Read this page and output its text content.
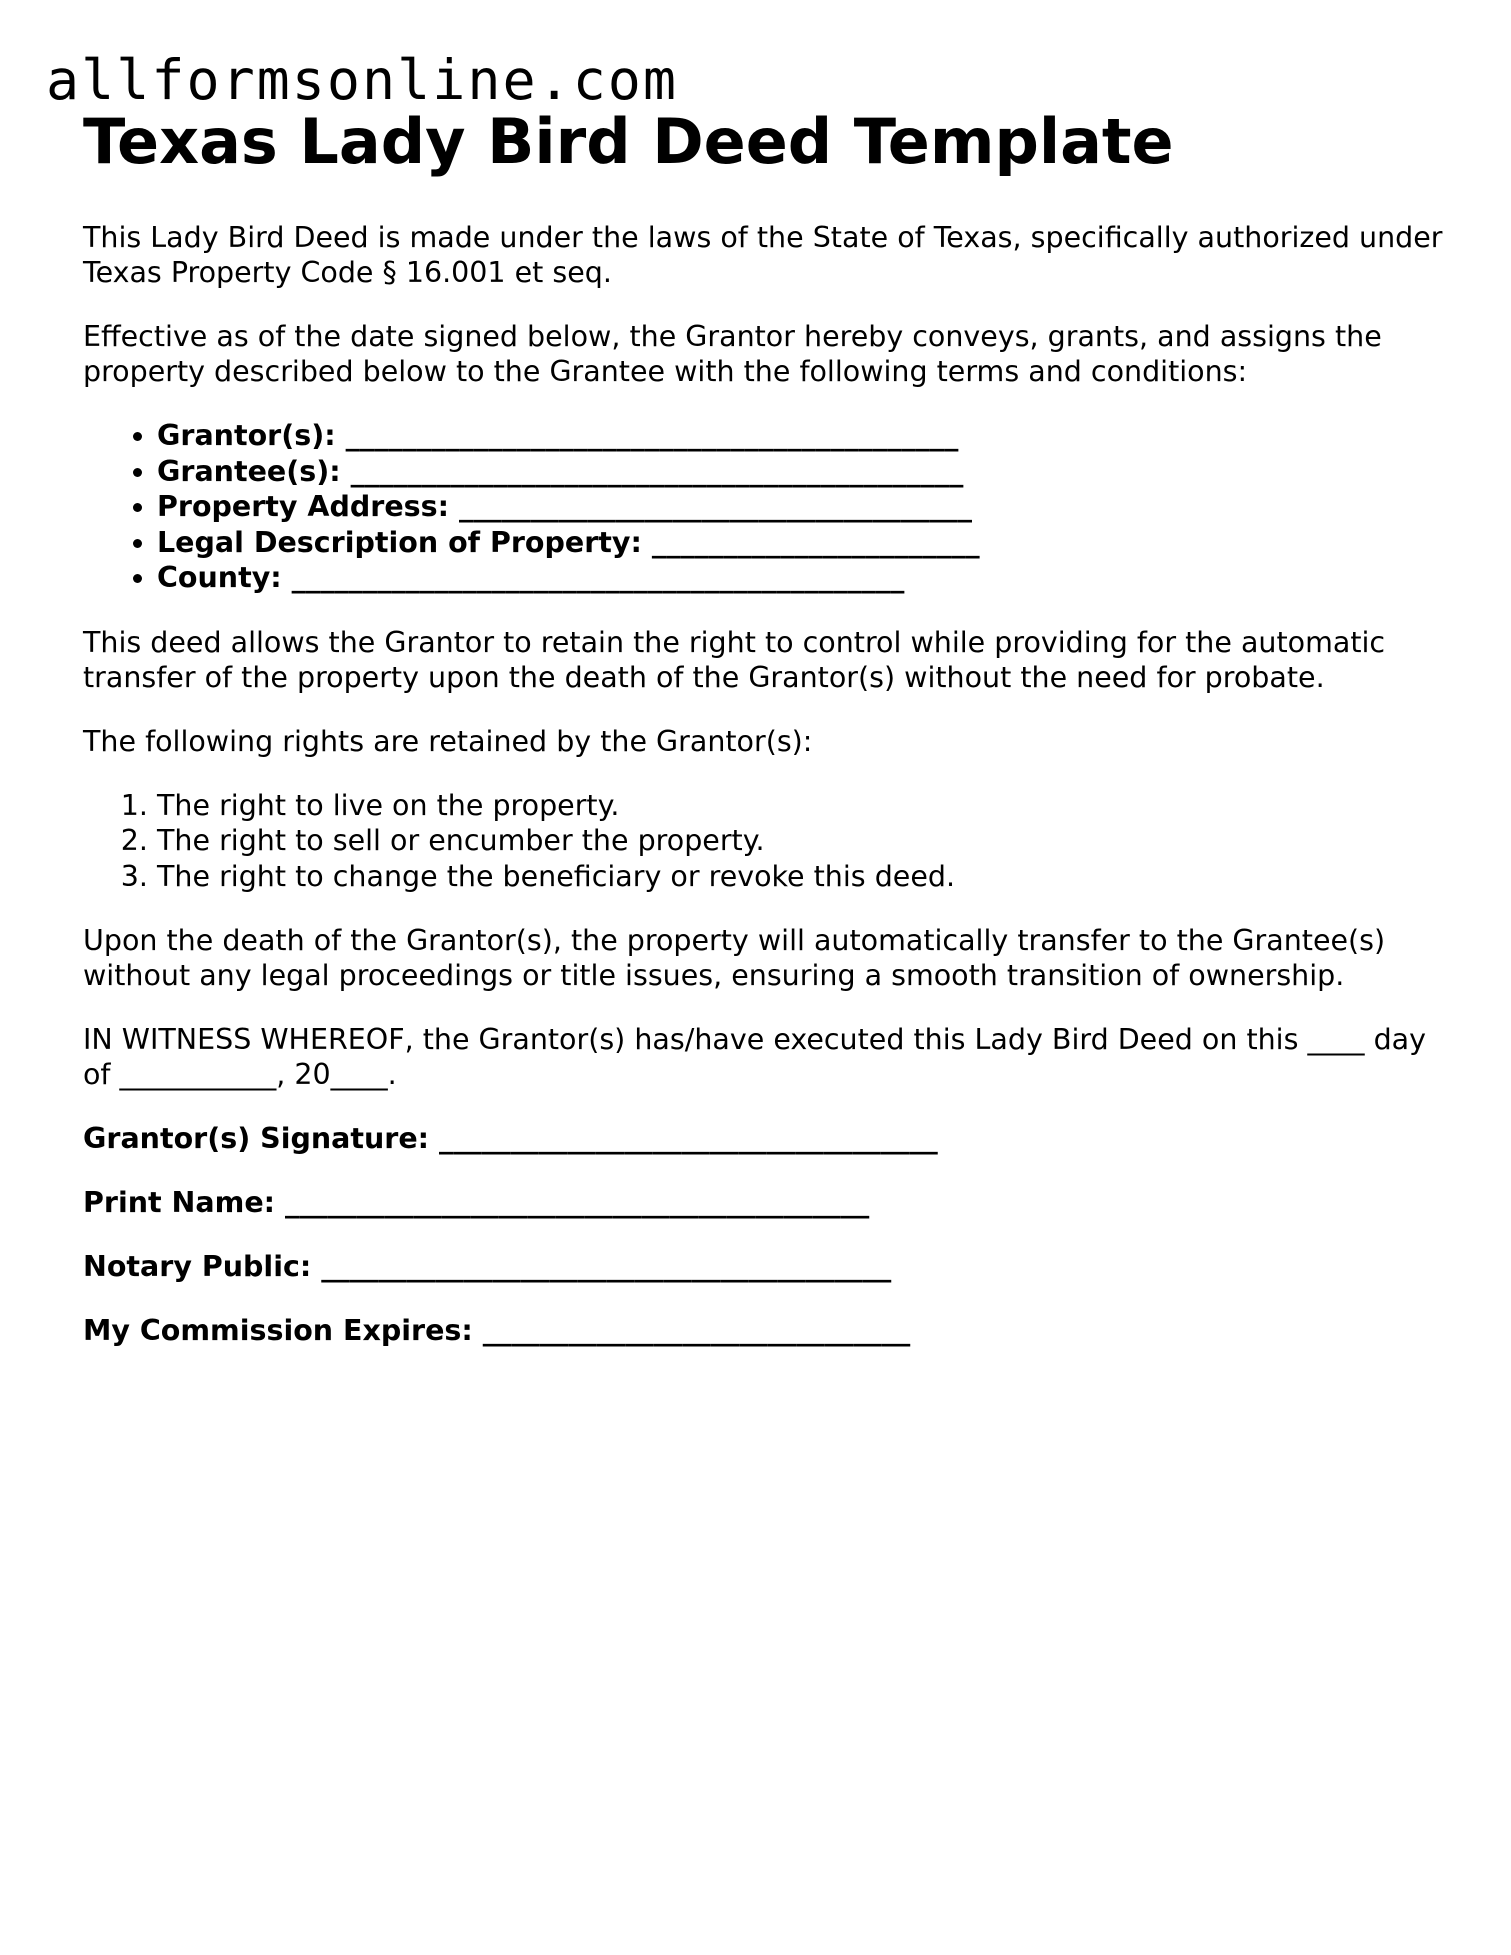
allformsonline.com
Texas Lady Bird Deed Template

This Lady Bird Deed is made under the laws of the State of Texas, specifically authorized under Texas Property Code § 16.001 et seq.

Effective as of the date signed below, the Grantor hereby conveys, grants, and assigns the property described below to the Grantee with the following terms and conditions:

• Grantor(s): ___________________________________________
• Grantee(s): ___________________________________________
• Property Address: ____________________________________
• Legal Description of Property: _______________________
• County: ___________________________________________

This deed allows the Grantor to retain the right to control while providing for the automatic transfer of the property upon the death of the Grantor(s) without the need for probate.

The following rights are retained by the Grantor(s):

1. The right to live on the property.
2. The right to sell or encumber the property.
3. The right to change the beneficiary or revoke this deed.

Upon the death of the Grantor(s), the property will automatically transfer to the Grantee(s) without any legal proceedings or title issues, ensuring a smooth transition of ownership.

IN WITNESS WHEREOF, the Grantor(s) has/have executed this Lady Bird Deed on this ____ day of ___________, 20____.

Grantor(s) Signature: ___________________________________
Print Name: _________________________________________
Notary Public: ________________________________________
My Commission Expires: ______________________________
